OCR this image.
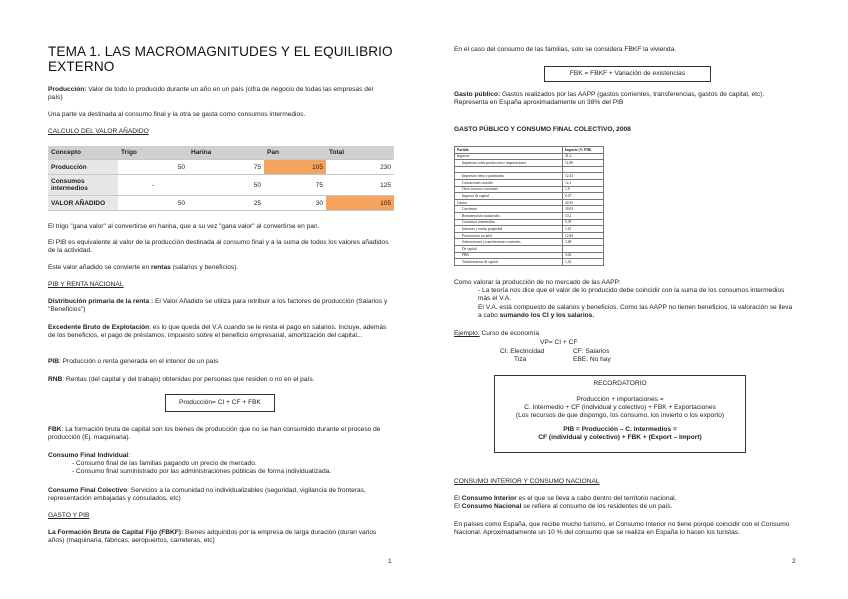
TEMA 1. LAS MACROMAGNITUDES Y EL EQUILIBRIO EXTERNO

Producción: Valor de todo lo producido durante un año en un país (cifra de negocio de todas las empresas del país)

Una parte va destinada al consumo final y la otra se gasta como consumos intermedios.

CALCULO DEL VALOR AÑADIDO

Concepto	Trigo	Harina	Pan	Total
Producción	50	75	105	230
Consumos intermedios	-	50	75	125
VALOR AÑADIDO	50	25	30	105

El trigo "gana valor" al convertirse en harina, que a su vez "gana valor" al convertirse en pan.

El PIB es equivalente al valor de la producción destinada al consumo final y a la suma de todos los valores añadidos de la actividad.

Este valor añadido se convierte en rentas (salarios y beneficios).

PIB Y RENTA NACIONAL

Distribución primaria de la renta : El Valor Añadido se utiliza para retribuir a los factores de producción (Salarios y "Beneficios")

Excedente Bruto de Explotación: es lo que queda del V.A cuando se le resta el pago en salarios. Incluye, además de los beneficios, el pago de préstamos, impuesto sobre el beneficio empresarial, amortización del capital...

PIB: Producción o renta generada en el interior de un país

RNB: Rentas (del capital y del trabajo) obtenidas por personas que residen o no en el país.

Producción= CI + CF + FBK

FBK: La formación bruta de capital son los bienes de producción que no se han consumido durante el proceso de producción (Ej. maquinaria).

Consumo Final Individual:

- Consumo final de las familias pagando un precio de mercado.

- Consumo final suministrado por las administraciones públicas de forma individualizada.

Consumo Final Colectivo: Servicios a la comunidad no individualizables (seguridad, vigilancia de fronteras, representación embajadas y consulados, etc)

GASTO Y PIB

La Formación Bruta de Capital Fijo (FBKF): Bienes adquiridos por la empresa de larga duración (duran varios años) (maquinaria, fábricas, aeropuertos, carreteras, etc)

1

En el caso del consumo de las familias, solo se considera FBKF la vivienda.

FBK = FBKF + Variación de existencias

Gasto público: Gastos realizados por las AAPP (gastos corrientes, transferencias, gastos de capital, etc). Representa en España aproximadamente un 38% del PIB

GASTO PÚBLICO Y CONSUMO FINAL COLECTIVO, 2008

Partida	Importe (% PIB)
Ingresos	41,2
Impuestos sobre producción e importaciones	11,88

Impuestos renta y patrimonio	12,43
Cotizaciones sociales	12,1
Otros recursos corrientes	1,8
Ingresos de capital	0,47
Gastos	44,93
Corrientes	39,83
Remuneración asalariados	10,2
Consumos intermedios	5,39
Intereses y rentas propiedad	1,61
Prestaciones sociales	12,84
Subvenciones y transferencias corrientes	3,48
De capital	
FBK	4,02
Transferencias de capital	1,43

Como valorar la producción de no mercado de las AAPP:

- La teoría nos dice que el valor de lo producido debe coincidir con la suma de los consumos intermedios más el V.A.

El V.A. está compuesto de salarios y beneficios. Como las AAPP no tienen beneficios, la valoración se lleva a cabo sumando los CI y los salarios.

Ejemplo: Curso de economía

VP= CI + CF

CI: Electricidad	CF: Salarios

Tiza	EBE: No hay

RECORDATORIO
Producción + importaciones =
C. Intermedio + CF (individual y colectivo) + FBK + Exportaciones
(Los recursos de que dispongo, los consumo, los invierto o los exporto)
PIB = Producción – C. Intermedios =
CF (individual y colectivo) + FBK + (Export – Import)

CONSUMO INTERIOR Y CONSUMO NACIONAL

El Consumo Interior es el que se lleva a cabo dentro del territorio nacional.

El Consumo Nacional se refiere al consumo de los residentes de un país.

En países como España, que recibe mucho turismo, el Consumo Interior no tiene porqué coincidir con el Consumo Nacional. Aproximadamente un 10 % del consumo que se realiza en España lo hacen los turistas.

2
